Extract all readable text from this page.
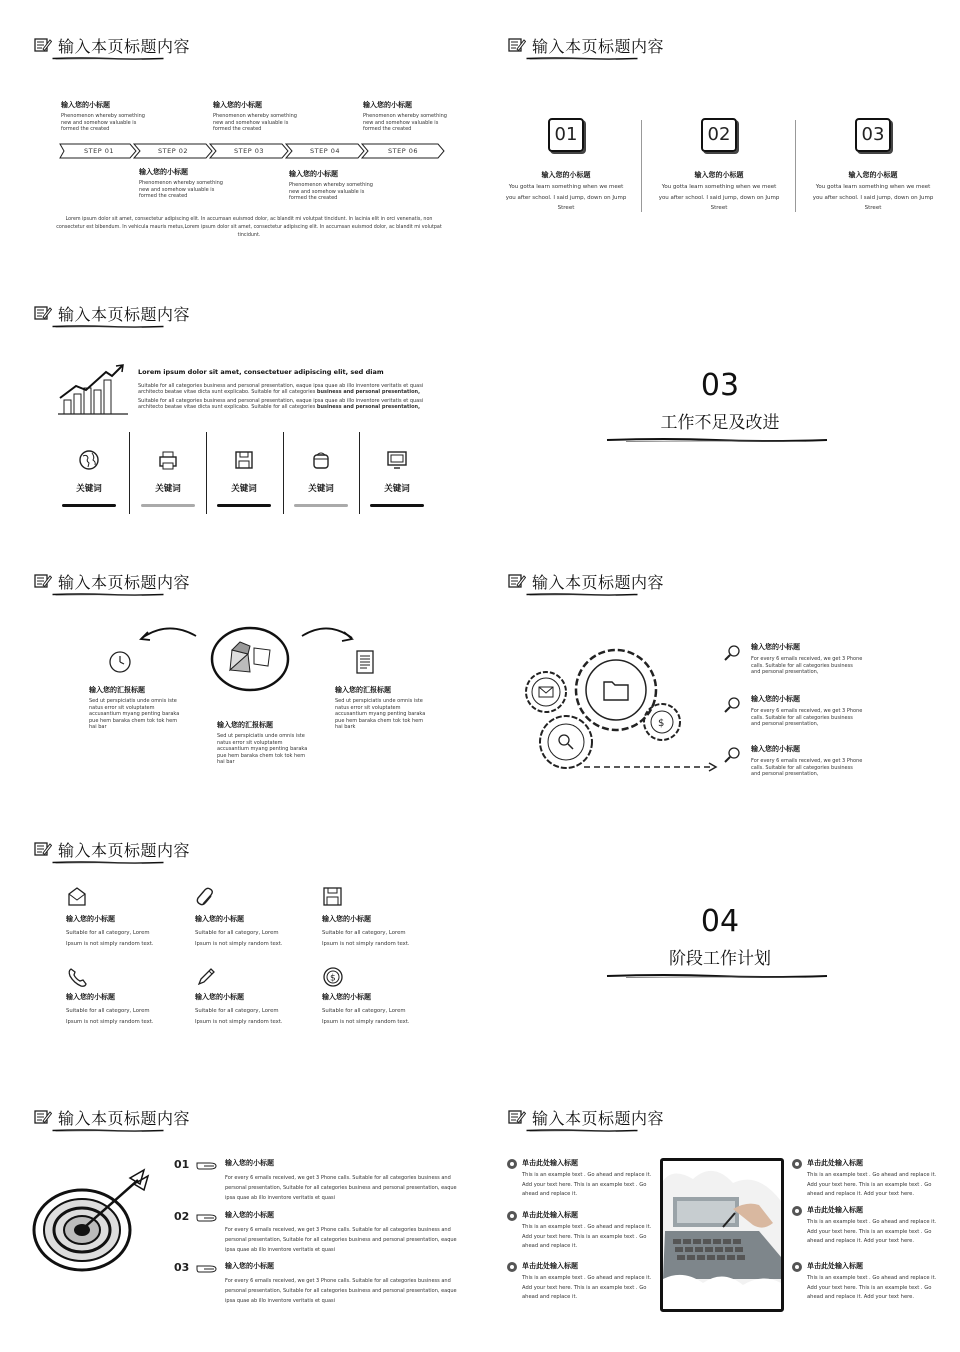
输入本页标题内容
输入您的小标题
Phenomenon whereby something new and somehow valuable is formed the created
输入您的小标题
Phenomenon whereby something new and somehow valuable is formed the created
输入您的小标题
Phenomenon whereby something new and somehow valuable is formed the created
STEP 01	STEP 02	STEP 03	STEP 04	STEP 06
输入您的小标题
Phenomenon whereby something new and somehow valuable is formed the created
输入您的小标题
Phenomenon whereby something new and somehow valuable is formed the created
Lorem ipsum dolor sit amet, consectetur adipiscing elit. In accumsan euismod dolor, ac blandit mi volutpat tincidunt. In lacinia elit in orci venenatis, non consectetur est bibendum. In vehicula mauris metus,Lorem ipsum dolor sit amet, consectetur adipiscing elit. In accumsan euismod dolor, ac blandit mi volutpat tincidunt.
输入本页标题内容
01
输入您的小标题
You gotta learn something when we meet you after school. I said jump, down on Jump Street
02
输入您的小标题
You gotta learn something when we meet you after school. I said jump, down on Jump Street
03
输入您的小标题
You gotta learn something when we meet you after school. I said jump, down on Jump Street
输入本页标题内容
Lorem ipsum dolor sit amet, consectetuer adipiscing elit, sed diam
Suitable for all categories business and personal presentation, eaque ipsa quae ab illo inventore veritatis et quasi architecto beatae vitae dicta sunt explicabo. Suitable for all categories business and personal presentation,
Suitable for all categories business and personal presentation, eaque ipsa quae ab illo inventore veritatis et quasi architecto beatae vitae dicta sunt explicabo. Suitable for all categories business and personal presentation,
关键词	关键词	关键词	关键词	关键词
03
工作不足及改进
输入本页标题内容
输入您的汇报标题
Sed ut perspiciatis unde omnis iste natus error sit voluptatem accusantium myang penting baraka pue hem baraka chem tok tok hem hai bar	输入您的汇报标题
Sed ut perspiciatis unde omnis iste natus error sit voluptatem accusantium myang penting baraka pue hem baraka chem tok tok hem hai bar
输入您的汇报标题
Sed ut perspiciatis unde omnis iste natus error sit voluptatem accusantium myang penting baraka pue hem baraka chem tok tok hem hai bark
输入本页标题内容
$
输入您的小标题
For every 6 emails received, we get 3 Phone calls. Suitable for all categories business and personal presentation,
输入您的小标题
For every 6 emails received, we get 3 Phone calls. Suitable for all categories business and personal presentation,
输入您的小标题
For every 6 emails received, we get 3 Phone calls. Suitable for all categories business and personal presentation,
输入本页标题内容
输入您的小标题
Suitable for all category, Lorem Ipsum is not simply random text.
输入您的小标题
Suitable for all category, Lorem Ipsum is not simply random text.
输入您的小标题
Suitable for all category, Lorem Ipsum is not simply random text.
输入您的小标题
Suitable for all category, Lorem Ipsum is not simply random text.
输入您的小标题
Suitable for all category, Lorem Ipsum is not simply random text.
$
输入您的小标题
Suitable for all category, Lorem Ipsum is not simply random text.
04
阶段工作计划
输入本页标题内容
01	输入您的小标题
For every 6 emails received, we get 3 Phone calls. Suitable for all categories business and personal presentation, Suitable for all categories business and personal presentation, eaque ipsa quae ab illo inventore veritatis et quasi
02	输入您的小标题
For every 6 emails received, we get 3 Phone calls. Suitable for all categories business and personal presentation, Suitable for all categories business and personal presentation, eaque ipsa quae ab illo inventore veritatis et quasi
03	输入您的小标题
For every 6 emails received, we get 3 Phone calls. Suitable for all categories business and personal presentation, Suitable for all categories business and personal presentation, eaque ipsa quae ab illo inventore veritatis et quasi
输入本页标题内容
单击此处输入标题
This is an example text . Go ahead and replace it. Add your text here. This is an example text . Go ahead and replace it.
单击此处输入标题
This is an example text . Go ahead and replace it. Add your text here. This is an example text . Go ahead and replace it.
单击此处输入标题
This is an example text . Go ahead and replace it. Add your text here. This is an example text . Go ahead and replace it.
单击此处输入标题
This is an example text . Go ahead and replace it. Add your text here. This is an example text . Go ahead and replace it. Add your text here.
单击此处输入标题
This is an example text . Go ahead and replace it. Add your text here. This is an example text . Go ahead and replace it. Add your text here.
单击此处输入标题
This is an example text . Go ahead and replace it. Add your text here. This is an example text . Go ahead and replace it. Add your text here.
